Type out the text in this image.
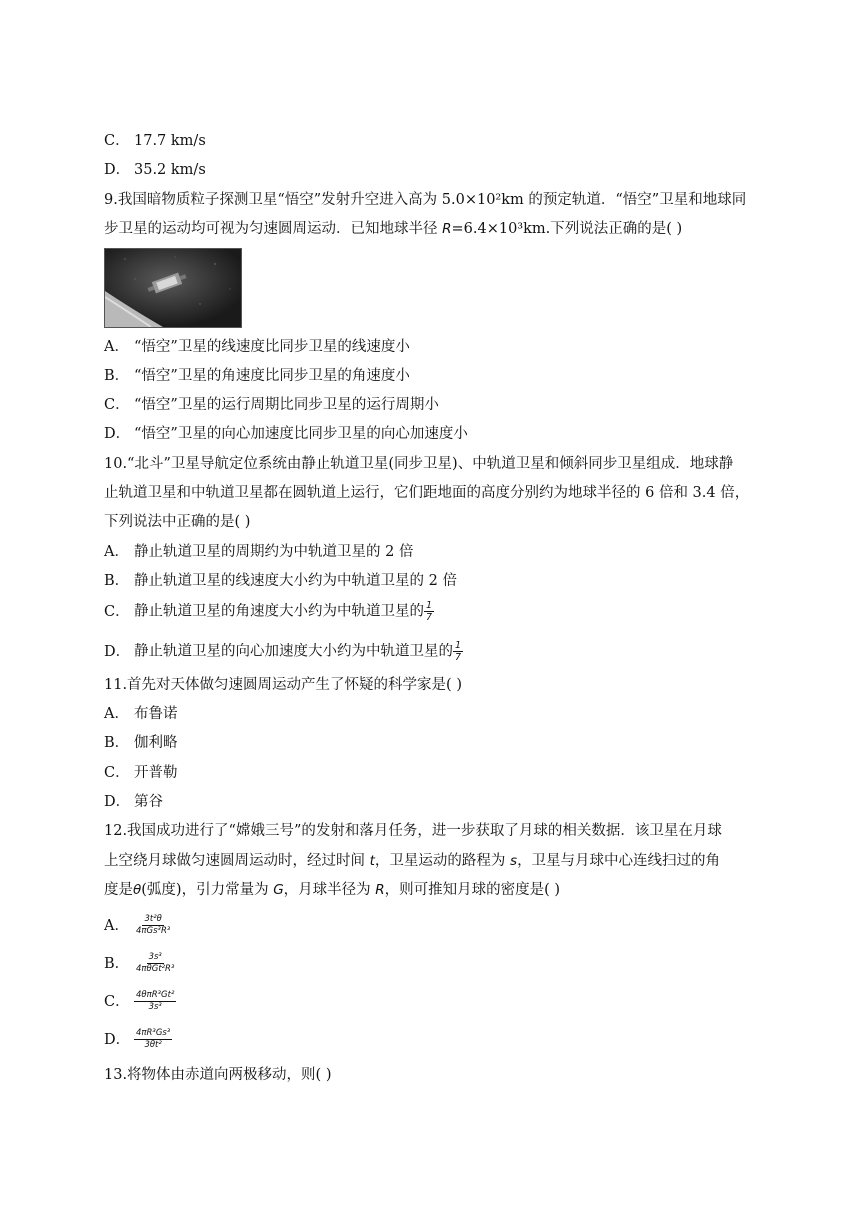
C． 17.7 km/s
D． 35.2 km/s
9.我国暗物质粒子探测卫星“悟空”发射升空进入高为 5.0×10²km 的预定轨道．“悟空”卫星和地球同
步卫星的运动均可视为匀速圆周运动．已知地球半径 R=6.4×10³km.下列说法正确的是( )
A． “悟空”卫星的线速度比同步卫星的线速度小
B． “悟空”卫星的角速度比同步卫星的角速度小
C． “悟空”卫星的运行周期比同步卫星的运行周期小
D． “悟空”卫星的向心加速度比同步卫星的向心加速度小
10.“北斗”卫星导航定位系统由静止轨道卫星(同步卫星)、中轨道卫星和倾斜同步卫星组成．地球静
止轨道卫星和中轨道卫星都在圆轨道上运行，它们距地面的高度分别约为地球半径的 6 倍和 3.4 倍，
下列说法中正确的是( )
A． 静止轨道卫星的周期约为中轨道卫星的 2 倍
B． 静止轨道卫星的线速度大小约为中轨道卫星的 2 倍
C． 静止轨道卫星的角速度大小约为中轨道卫星的 $\frac{1}{7}$
D． 静止轨道卫星的向心加速度大小约为中轨道卫星的 $\frac{1}{7}$
11.首先对天体做匀速圆周运动产生了怀疑的科学家是( )
A． 布鲁诺
B． 伽利略
C． 开普勒
D． 第谷
12.我国成功进行了“嫦娥三号”的发射和落月任务，进一步获取了月球的相关数据．该卫星在月球
上空绕月球做匀速圆周运动时，经过时间 t，卫星运动的路程为 s，卫星与月球中心连线扫过的角
度是θ(弧度)，引力常量为 G，月球半径为 R，则可推知月球的密度是( )
A． $\frac{\text{3t²θ}}{\text{4πGs³R³}}$
B． $\frac{\text{3s³}}{\text{4πθGt²R³}}$
C． $\frac{\text{4θπR³Gt²}}{\text{3s³}}$
D． $\frac{\text{4πR³Gs³}}{\text{3θt²}}$
13.将物体由赤道向两极移动，则( )
